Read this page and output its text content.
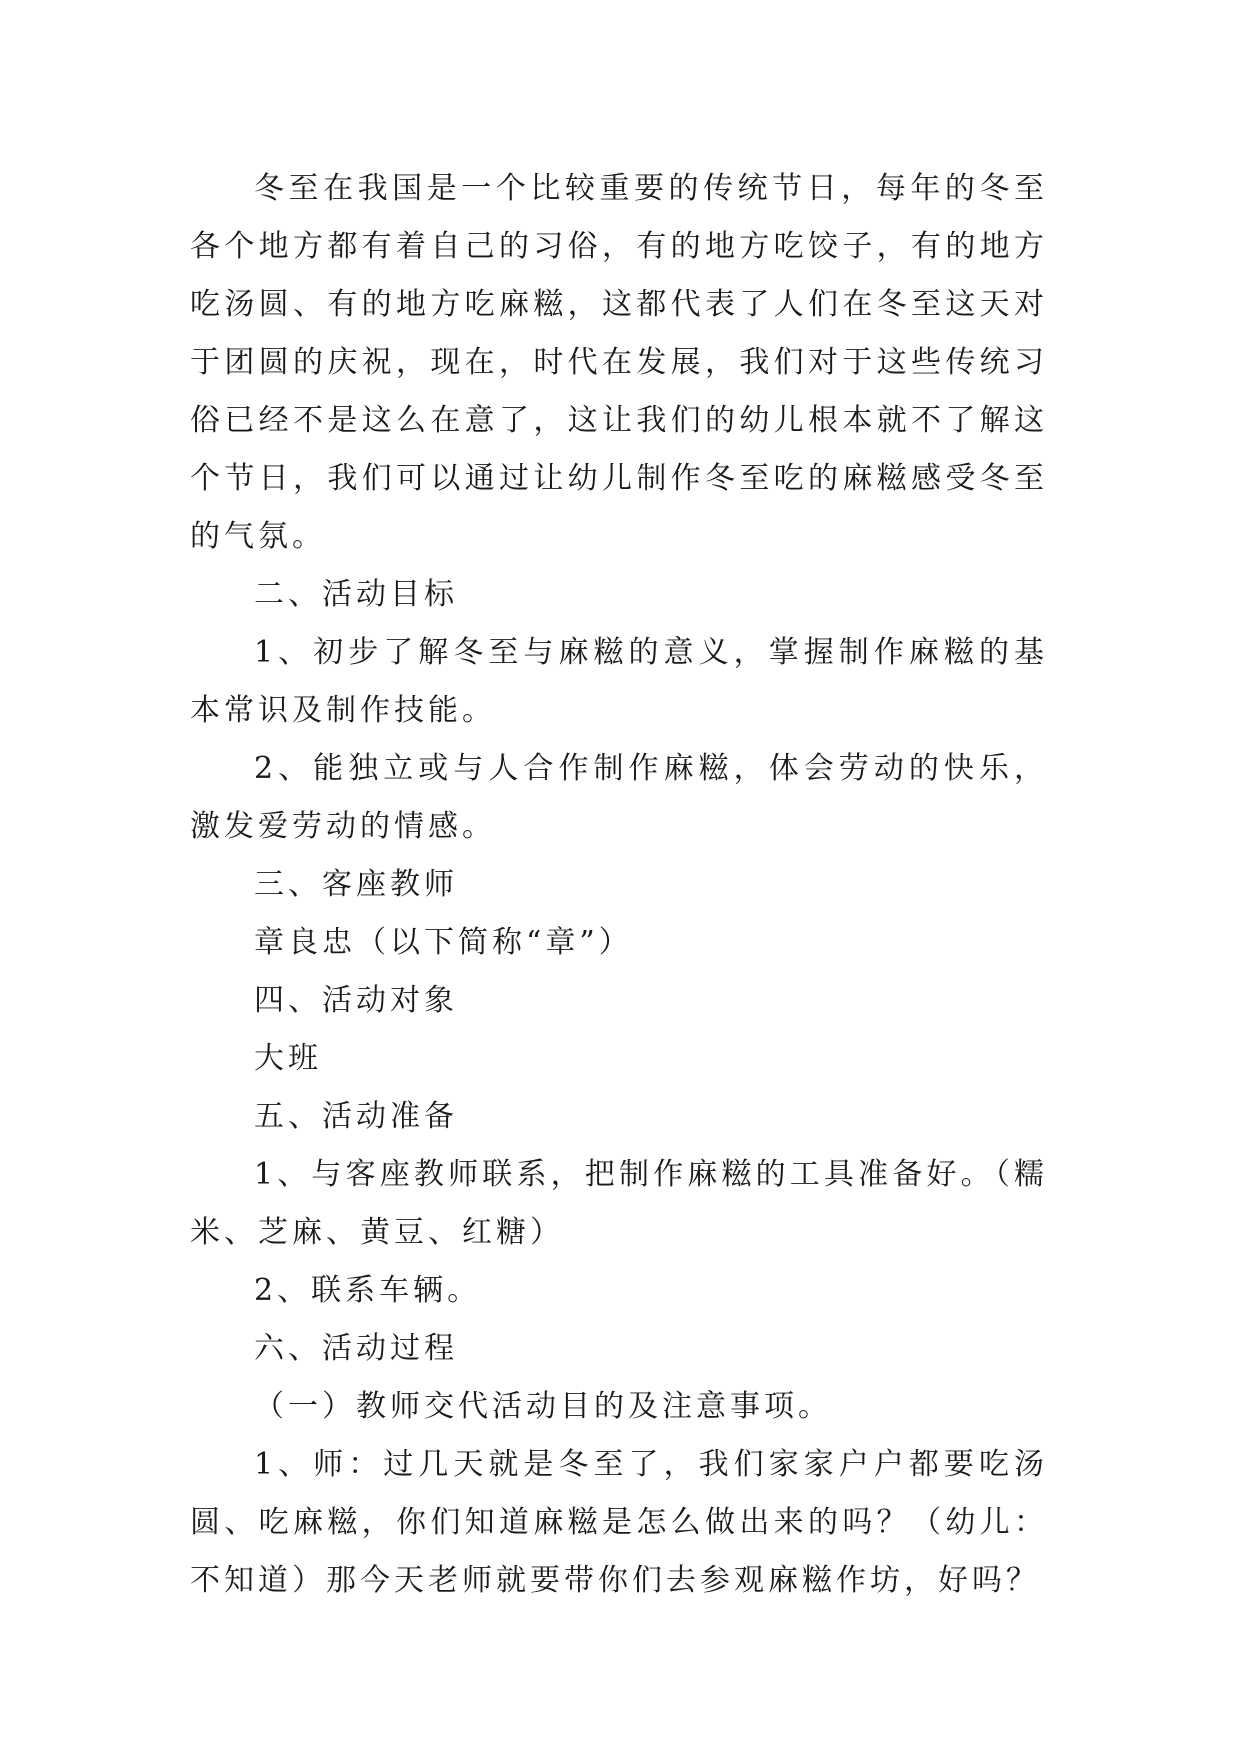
冬至在我国是一个比较重要的传统节日，每年的冬至各个地方都有着自己的习俗，有的地方吃饺子，有的地方吃汤圆、有的地方吃麻糍，这都代表了人们在冬至这天对于团圆的庆祝，现在，时代在发展，我们对于这些传统习俗已经不是这么在意了，这让我们的幼儿根本就不了解这个节日，我们可以通过让幼儿制作冬至吃的麻糍感受冬至的气氛。

二、活动目标

1、初步了解冬至与麻糍的意义，掌握制作麻糍的基本常识及制作技能。

2、能独立或与人合作制作麻糍，体会劳动的快乐，激发爱劳动的情感。

三、客座教师

章良忠（以下简称“章”）

四、活动对象

大班

五、活动准备

1、与客座教师联系，把制作麻糍的工具准备好。（糯米、芝麻、黄豆、红糖）

2、联系车辆。

六、活动过程

（一）教师交代活动目的及注意事项。

1、师：过几天就是冬至了，我们家家户户都要吃汤圆、吃麻糍，你们知道麻糍是怎么做出来的吗？（幼儿：不知道）那今天老师就要带你们去参观麻糍作坊，好吗？
